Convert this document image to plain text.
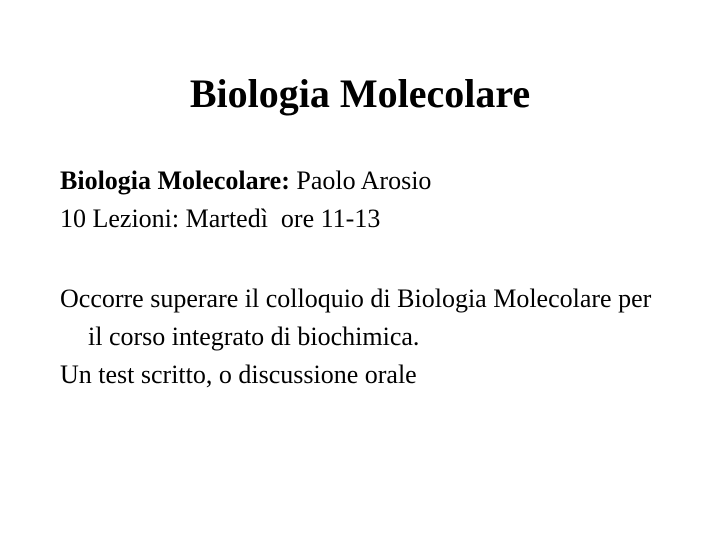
Biologia Molecolare

Biologia Molecolare: Paolo Arosio

10 Lezioni: Martedì  ore 11-13

Occorre superare il colloquio di Biologia Molecolare per il corso integrato di biochimica.

Un test scritto, o discussione orale
